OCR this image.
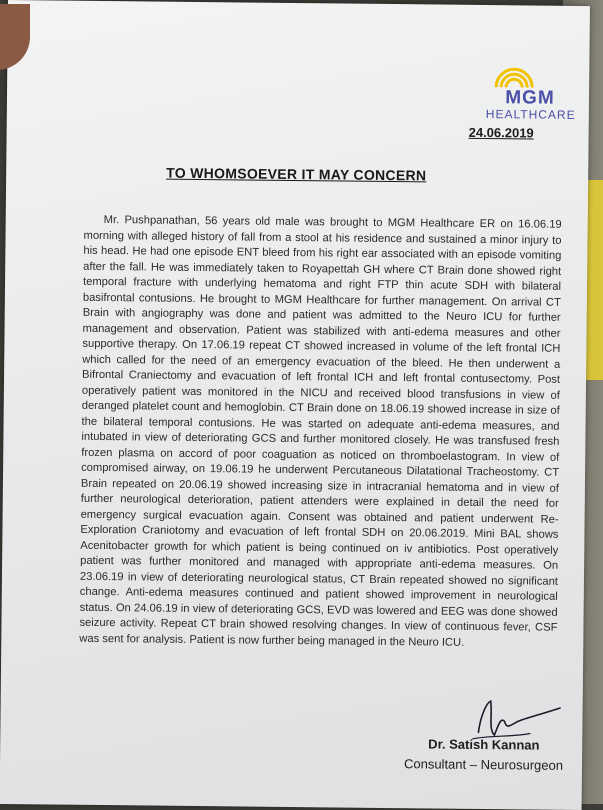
MGM
HEALTHCARE
24.06.2019
TO WHOMSOEVER IT MAY CONCERN

Mr. Pushpanathan, 56 years old male was brought to MGM Healthcare ER on 16.06.19 morning with alleged history of fall from a stool at his residence and sustained a minor injury to his head. He had one episode ENT bleed from his right ear associated with an episode vomiting after the fall. He was immediately taken to Royapettah GH where CT Brain done showed right temporal fracture with underlying hematoma and right FTP thin acute SDH with bilateral basifrontal contusions. He brought to MGM Healthcare for further management. On arrival CT Brain with angiography was done and patient was admitted to the Neuro ICU for further management and observation. Patient was stabilized with anti-edema measures and other supportive therapy. On 17.06.19 repeat CT showed increased in volume of the left frontal ICH which called for the need of an emergency evacuation of the bleed. He then underwent a Bifrontal Craniectomy and evacuation of left frontal ICH and left frontal contusectomy. Post operatively patient was monitored in the NICU and received blood transfusions in view of deranged platelet count and hemoglobin. CT Brain done on 18.06.19 showed increase in size of the bilateral temporal contusions. He was started on adequate anti-edema measures, and intubated in view of deteriorating GCS and further monitored closely. He was transfused fresh frozen plasma on accord of poor coaguation as noticed on thromboelastogram. In view of compromised airway, on 19.06.19 he underwent Percutaneous Dilatational Tracheostomy. CT Brain repeated on 20.06.19 showed increasing size in intracranial hematoma and in view of further neurological deterioration, patient attenders were explained in detail the need for emergency surgical evacuation again. Consent was obtained and patient underwent Re-Exploration Craniotomy and evacuation of left frontal SDH on 20.06.2019. Mini BAL shows Acenitobacter growth for which patient is being continued on iv antibiotics. Post operatively patient was further monitored and managed with appropriate anti-edema measures. On 23.06.19 in view of deteriorating neurological status, CT Brain repeated showed no significant change. Anti-edema measures continued and patient showed improvement in neurological status. On 24.06.19 in view of deteriorating GCS, EVD was lowered and EEG was done showed seizure activity. Repeat CT brain showed resolving changes. In view of continuous fever, CSF was sent for analysis. Patient is now further being managed in the Neuro ICU.

Dr. Satish Kannan
Consultant – Neurosurgeon
